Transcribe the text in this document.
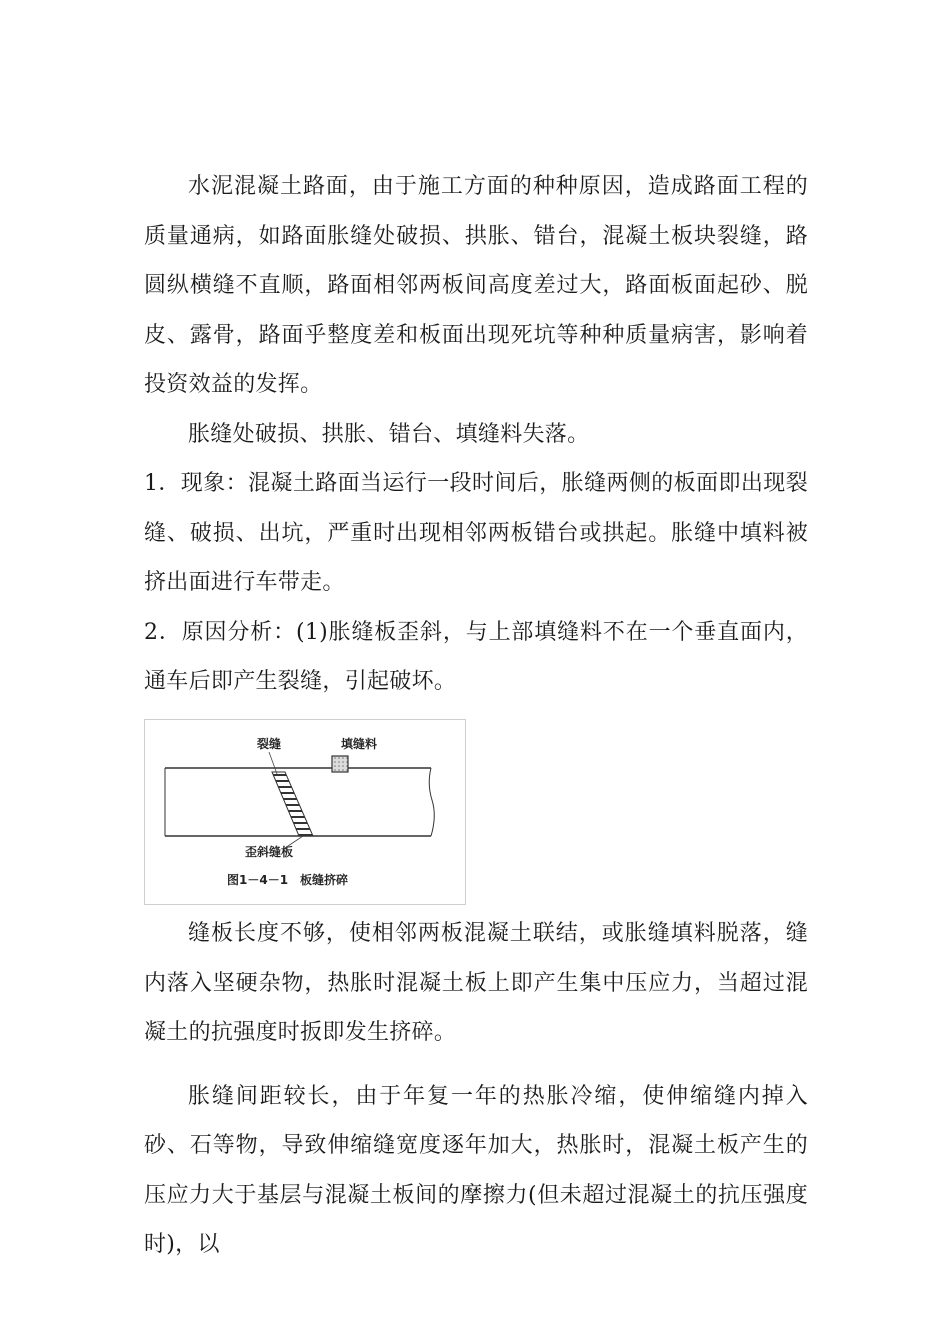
水泥混凝土路面，由于施工方面的种种原因，造成路面工程的质量通病，如路面胀缝处破损、拱胀、错台，混凝土板块裂缝，路圆纵横缝不直顺，路面相邻两板间高度差过大，路面板面起砂、脱皮、露骨，路面乎整度差和板面出现死坑等种种质量病害，影响着投资效益的发挥。

胀缝处破损、拱胀、错台、填缝料失落。

1．现象：混凝土路面当运行一段时间后，胀缝两侧的板面即出现裂缝、破损、出坑，严重时出现相邻两板错台或拱起。胀缝中填料被挤出面进行车带走。

2．原因分析：(1)胀缝板歪斜，与上部填缝料不在一个垂直面内，通车后即产生裂缝，引起破坏。

裂缝	填缝料
歪斜缝板
图1－4－1　板缝挤碎

缝板长度不够，使相邻两板混凝土联结，或胀缝填料脱落，缝内落入坚硬杂物，热胀时混凝土板上即产生集中压应力，当超过混凝土的抗强度时扳即发生挤碎。

胀缝间距较长，由于年复一年的热胀冷缩，使伸缩缝内掉入砂、石等物，导致伸缩缝宽度逐年加大，热胀时，混凝土板产生的压应力大于基层与混凝土板间的摩擦力(但未超过混凝土的抗压强度时)，以
